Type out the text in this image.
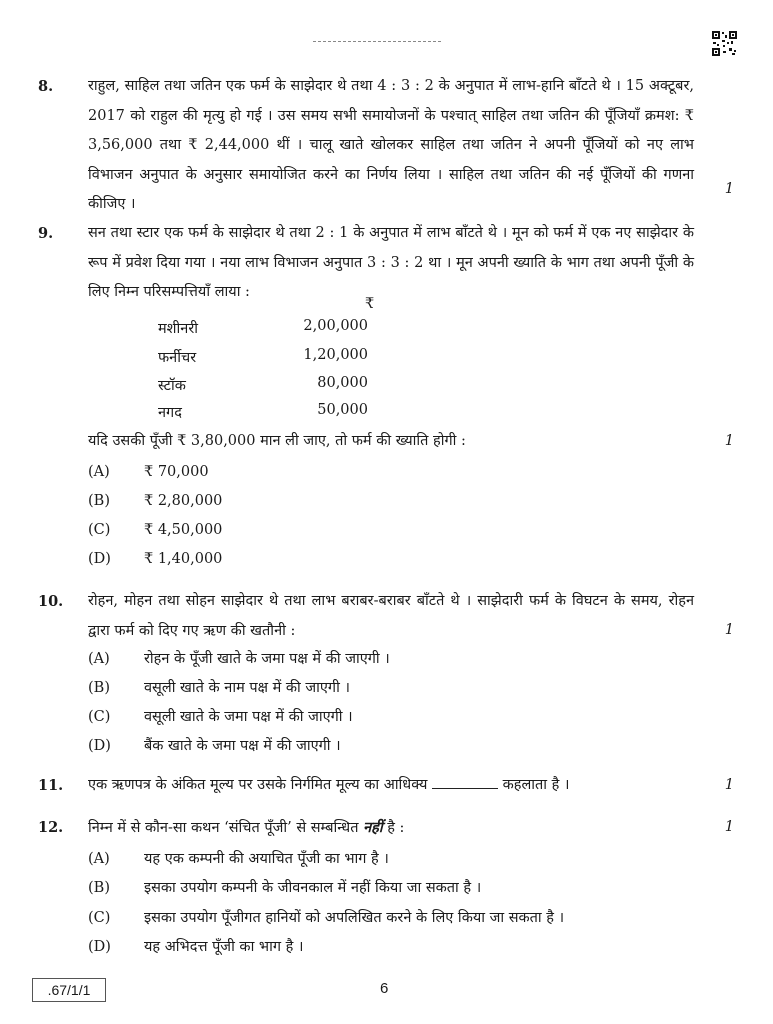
8. राहुल, साहिल तथा जतिन एक फर्म के साझेदार थे तथा 4 : 3 : 2 के अनुपात में लाभ-हानि बाँटते थे । 15 अक्टूबर, 2017 को राहुल की मृत्यु हो गई । उस समय सभी समायोजनों के पश्चात् साहिल तथा जतिन की पूँजियाँ क्रमश: ₹ 3,56,000 तथा ₹ 2,44,000 थीं । चालू खाते खोलकर साहिल तथा जतिन ने अपनी पूँजियों को नए लाभ विभाजन अनुपात के अनुसार समायोजित करने का निर्णय लिया । साहिल तथा जतिन की नई पूँजियों की गणना कीजिए ।
1
9. सन तथा स्टार एक फर्म के साझेदार थे तथा 2 : 1 के अनुपात में लाभ बाँटते थे । मून को फर्म में एक नए साझेदार के रूप में प्रवेश दिया गया । नया लाभ विभाजन अनुपात 3 : 3 : 2 था । मून अपनी ख्याति के भाग तथा अपनी पूँजी के लिए निम्न परिसम्पत्तियाँ लाया :
₹
मशीनरी	2,00,000
फर्नीचर	1,20,000
स्टॉक	80,000
नगद	50,000
यदि उसकी पूँजी ₹ 3,80,000 मान ली जाए, तो फर्म की ख्याति होगी :	1
(A) ₹ 70,000
(B) ₹ 2,80,000
(C) ₹ 4,50,000
(D) ₹ 1,40,000
10. रोहन, मोहन तथा सोहन साझेदार थे तथा लाभ बराबर-बराबर बाँटते थे । साझेदारी फर्म के विघटन के समय, रोहन द्वारा फर्म को दिए गए ऋण की खतौनी :	1
(A) रोहन के पूँजी खाते के जमा पक्ष में की जाएगी ।
(B) वसूली खाते के नाम पक्ष में की जाएगी ।
(C) वसूली खाते के जमा पक्ष में की जाएगी ।
(D) बैंक खाते के जमा पक्ष में की जाएगी ।
11. एक ऋणपत्र के अंकित मूल्य पर उसके निर्गमित मूल्य का आधिक्य	कहलाता है ।	1
12. निम्न में से कौन-सा कथन ‘संचित पूँजी’ से सम्बन्धित नहीं है :	1
(A) यह एक कम्पनी की अयाचित पूँजी का भाग है ।
(B) इसका उपयोग कम्पनी के जीवनकाल में नहीं किया जा सकता है ।
(C) इसका उपयोग पूँजीगत हानियों को अपलिखित करने के लिए किया जा सकता है ।
(D) यह अभिदत्त पूँजी का भाग है ।
.67/1/1	6
